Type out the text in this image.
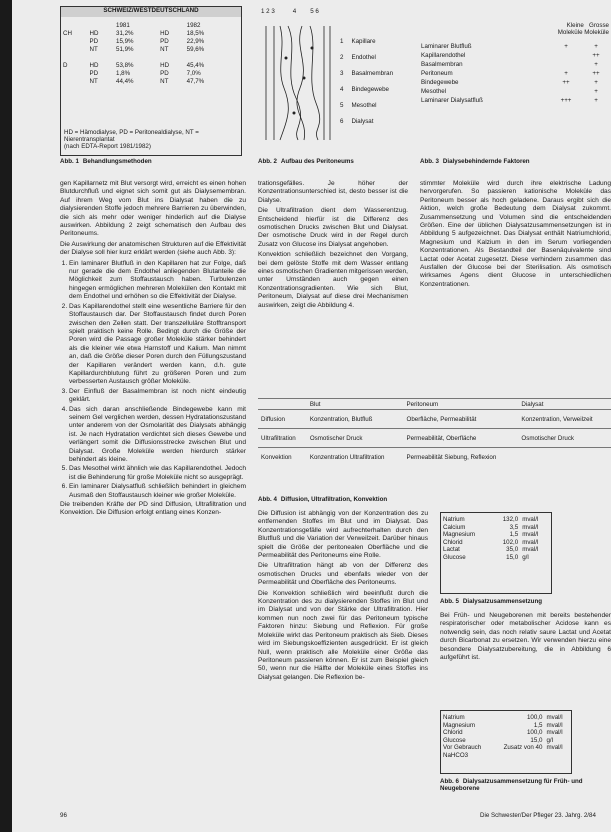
SCHWEIZ/WESTDEUTSCHLAND
		1981		1982	
CH	HD	31,2%	HD	18,5%	
	PD	15,9%	PD	22,9%	
	NT	51,9%	NT	59,6%	

D	HD	53,8%	HD	45,4%	
	PD	1,8%	PD	7,0%	
	NT	44,4%	NT	47,7%	
HD = Hämodialyse, PD = Peritonealdialyse, NT = Nierentransplantat
(nach EDTA-Report 1981/1982)
Abb. 1 Behandlungsmethoden
1 2 3	4 5 6
1 Kapillare
2 Endothel
3 Basalmembran
4 Bindegewebe
5 Mesothel
6 Dialysat
Abb. 2 Aufbau des Peritoneums
Kleine Grosse
Moleküle Moleküle
Laminarer Blutfluß	+	+
Kapillarendothel		++
Basalmembran		+
Peritoneum	+	++
Bindegewebe	++	+
Mesothel		+
Laminarer Dialysatfluß	+++	+
Abb. 3 Dialysebehindernde Faktoren

gen Kapillarnetz mit Blut versorgt wird, erreicht es einen hohen Blutdurchfluß und eignet sich somit gut als Dialysemembran. Auf ihrem Weg vom Blut ins Dialysat haben die zu dialysierenden Stoffe jedoch mehrere Barrieren zu überwinden, die sich als mehr oder weniger hinderlich auf die Dialyse auswirken. Abbildung 2 zeigt schematisch den Aufbau des Peritoneums.

Die Auswirkung der anatomischen Strukturen auf die Effektivität der Dialyse soll hier kurz erklärt werden (siehe auch Abb. 3):

1. Ein laminarer Blutfluß in den Kapillaren hat zur Folge, daß nur gerade die dem Endothel anliegenden Blutanteile die Möglichkeit zum Stoffaustausch haben. Turbulenzen hingegen ermöglichen mehreren Molekülen den Kontakt mit dem Endothel und erhöhen so die Effektivität der Dialyse.
2. Das Kapillarendothel stellt eine wesentliche Barriere für den Stoffaustausch dar. Der Stoffaustausch findet durch Poren zwischen den Zellen statt. Der transzelluläre Stofftransport spielt praktisch keine Rolle. Bedingt durch die Größe der Poren wird die Passage großer Moleküle stärker behindert als die kleiner wie etwa Harnstoff und Kalium. Man nimmt an, daß die Größe dieser Poren durch den Füllungszustand der Kapillaren verändert werden kann, d.h. gute Kapillardurchblutung führt zu größeren Poren und zum verbesserten Austausch größer Moleküle.
3. Der Einfluß der Basalmembran ist noch nicht eindeutig geklärt.
4. Das sich daran anschließende Bindegewebe kann mit seinem Gel verglichen werden, dessen Hydratationszustand unter anderem von der Osmolarität des Dialysats abhängig ist. Je nach Hydratation verdichtet sich dieses Gewebe und verlängert somit die Diffusionsstrecke zwischen Blut und Dialysat. Große Moleküle werden hierdurch stärker behindert als kleine.
5. Das Mesothel wirkt ähnlich wie das Kapillarendothel. Jedoch ist die Behinderung für große Moleküle nicht so ausgeprägt.
6. Ein laminarer Dialysatfluß schließlich behindert in gleichem Ausmaß den Stoffaustausch kleiner wie großer Moleküle.

Die treibenden Kräfte der PD sind Diffusion, Ultrafiltration und Konvektion. Die Diffusion erfolgt entlang eines Konzen-

trationsgefälles. Je höher der Konzentrationsunterschied ist, desto besser ist die Dialyse.

Die Ultrafiltration dient dem Wasserentzug. Entscheidend hierfür ist die Differenz des osmotischen Drucks zwischen Blut und Dialysat. Der osmotische Druck wird in der Regel durch Zusatz von Glucose ins Dialysat angehoben.

Konvektion schließlich bezeichnet den Vorgang, bei dem gelöste Stoffe mit dem Wasser entlang eines osmotischen Gradienten mitgerissen werden, unter Umständen auch gegen einen Konzentrationsgradienten. Wie sich Blut, Peritoneum, Dialysat auf diese drei Mechanismen auswirken, zeigt die Abbildung 4.

stimmter Moleküle wird durch ihre elektrische Ladung hervorgerufen. So passieren kationische Moleküle das Peritoneum besser als hoch geladene. Daraus ergibt sich die Aktion, welch große Bedeutung dem Dialysat zukommt. Zusammensetzung und Volumen sind die entscheidenden Größen. Eine der üblichen Dialysatzusammensetzungen ist in Abbildung 5 aufgezeichnet. Das Dialysat enthält Natriumchlorid, Magnesium und Kalzium in den im Serum vorliegenden Konzentrationen. Als Bestandteil der Basenäquivalente sind Lactat oder Acetat zugesetzt. Diese verhindern zusammen das Ausfallen der Glucose bei der Sterilisation. Als osmotisch wirksames Agens dient Glucose in unterschiedlichen Konzentrationen.

	Blut	Peritoneum	Dialysat
Diffusion	Konzentration, Blutfluß	Oberfläche, Permeabilität	Konzentration, Verweilzeit
Ultrafiltration	Osmotischer Druck	Permeabilität, Oberfläche	Osmotischer Druck
Konvektion	Konzentration Ultrafiltration	Permeabilität Siebung, Reflexion	
Abb. 4 Diffusion, Ultrafiltration, Konvektion

Die Diffusion ist abhängig von der Konzentration des zu entfernenden Stoffes im Blut und im Dialysat. Das Konzentrationsgefälle wird aufrechterhalten durch den Blutfluß und die Variation der Verweilzeit. Darüber hinaus spielt die Größe der peritonealen Oberfläche und die Permeabilität des Peritoneums eine Rolle.

Die Ultrafiltration hängt ab von der Differenz des osmotischen Drucks und ebenfalls wieder von der Permeabilität und Oberfläche des Peritoneums.

Die Konvektion schließlich wird beeinflußt durch die Konzentration des zu dialysierenden Stoffes im Blut und im Dialysat und von der Stärke der Ultrafiltration. Hier kommen nun noch zwei für das Peritoneum typische Faktoren hinzu: Siebung und Reflexion. Für große Moleküle wirkt das Peritoneum praktisch als Sieb. Dieses wird im Siebungskoeffizienten ausgedrückt. Er ist gleich Null, wenn praktisch alle Moleküle einer Größe das Peritoneum passieren können. Er ist zum Beispiel gleich 50, wenn nur die Hälfte der Moleküle eines Stoffes ins Dialysat gelangen. Die Reflexion be-

Natrium	132,0	mval/l
Calcium	3,5	mval/l
Magnesium	1,5	mval/l
Chlorid	102,0	mval/l
Lactat	35,0	mval/l
Glucose	15,0	g/l
Abb. 5 Dialysatzusammensetzung

Bei Früh- und Neugeborenen mit bereits bestehender respiratorischer oder metabolischer Acidose kann es notwendig sein, das noch relativ saure Lactat und Acetat durch Bicarbonat zu ersetzen. Wir verwenden hierzu eine besondere Dialysatzubereitung, die in Abbildung 6 aufgeführt ist.

Natrium	100,0	mval/l
Magnesium	1,5	mval/l
Chlorid	100,0	mval/l
Glucose	15,0	g/l
Vor Gebrauch	Zusatz von 40	mval/l
NaHCO3		
Abb. 6 Dialysatzusammensetzung für Früh- und Neugeborene
96	Die Schwester/Der Pfleger 23. Jahrg. 2/84
